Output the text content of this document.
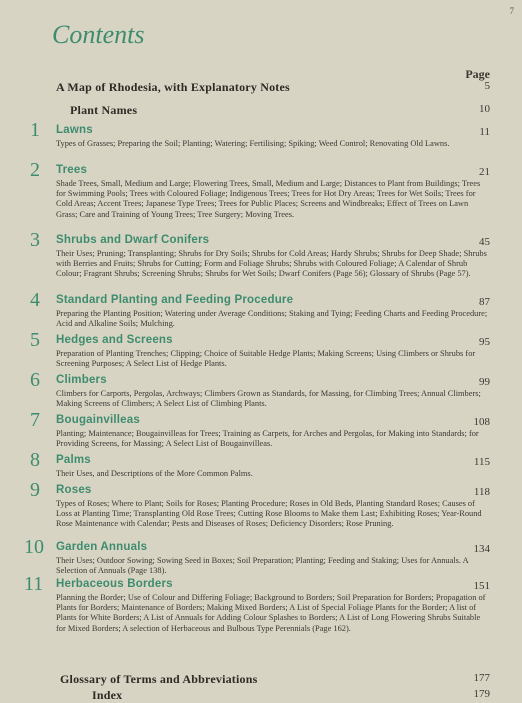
7
Contents
Page
A Map of Rhodesia, with Explanatory Notes	5
Plant Names	10
1 Lawns	11
Types of Grasses; Preparing the Soil; Planting; Watering; Fertilising; Spiking; Weed Control; Renovating Old Lawns.
2 Trees	21
Shade Trees, Small, Medium and Large; Flowering Trees, Small, Medium and Large; Distances to Plant from Buildings; Trees for Swimming Pools; Trees with Coloured Foliage; Indigenous Trees; Trees for Hot Dry Areas; Trees for Wet Soils; Trees for Cold Areas; Accent Trees; Japanese Type Trees; Trees for Public Places; Screens and Windbreaks; Effect of Trees on Lawn Grass; Care and Training of Young Trees; Tree Surgery; Moving Trees.
3 Shrubs and Dwarf Conifers	45
Their Uses; Pruning; Transplanting; Shrubs for Dry Soils; Shrubs for Cold Areas; Hardy Shrubs; Shrubs for Deep Shade; Shrubs with Berries and Fruits; Shrubs for Cutting; Form and Foliage Shrubs; Shrubs with Coloured Foliage; A Calendar of Shrub Colour; Fragrant Shrubs; Screening Shrubs; Shrubs for Wet Soils; Dwarf Conifers (Page 56); Glossary of Shrubs (Page 57).
4 Standard Planting and Feeding Procedure	87
Preparing the Planting Position; Watering under Average Conditions; Staking and Tying; Feeding Charts and Feeding Procedure; Acid and Alkaline Soils; Mulching.
5 Hedges and Screens	95
Preparation of Planting Trenches; Clipping; Choice of Suitable Hedge Plants; Making Screens; Using Climbers or Shrubs for Screening Purposes; A Select List of Hedge Plants.
6 Climbers	99
Climbers for Carports, Pergolas, Archways; Climbers Grown as Standards, for Massing, for Climbing Trees; Annual Climbers; Making Screens of Climbers; A Select List of Climbing Plants.
7 Bougainvilleas	108
Planting; Maintenance; Bougainvilleas for Trees; Training as Carpets, for Arches and Pergolas, for Making into Standards; for Providing Screens, for Massing; A Select List of Bougainvilleas.
8 Palms	115
Their Uses, and Descriptions of the More Common Palms.
9 Roses	118
Types of Roses; Where to Plant; Soils for Roses; Planting Procedure; Roses in Old Beds, Planting Standard Roses; Causes of Loss at Planting Time; Transplanting Old Rose Trees; Cutting Rose Blooms to Make them Last; Exhibiting Roses; Year-Round Rose Maintenance with Calendar; Pests and Diseases of Roses; Deficiency Disorders; Rose Pruning.
10 Garden Annuals	134
Their Uses; Outdoor Sowing; Sowing Seed in Boxes; Soil Preparation; Planting; Feeding and Staking; Uses for Annuals. A Selection of Annuals (Page 138).
11 Herbaceous Borders	151
Planning the Border; Use of Colour and Differing Foliage; Background to Borders; Soil Preparation for Borders; Propagation of Plants for Borders; Maintenance of Borders; Making Mixed Borders; A List of Special Foliage Plants for the Border; A list of Plants for White Borders; A List of Annuals for Adding Colour Splashes to Borders; A List of Long Flowering Shrubs Suitable for Mixed Borders; A selection of Herbaceous and Bulbous Type Perennials (Page 162).
Glossary of Terms and Abbreviations	177
Index	179
